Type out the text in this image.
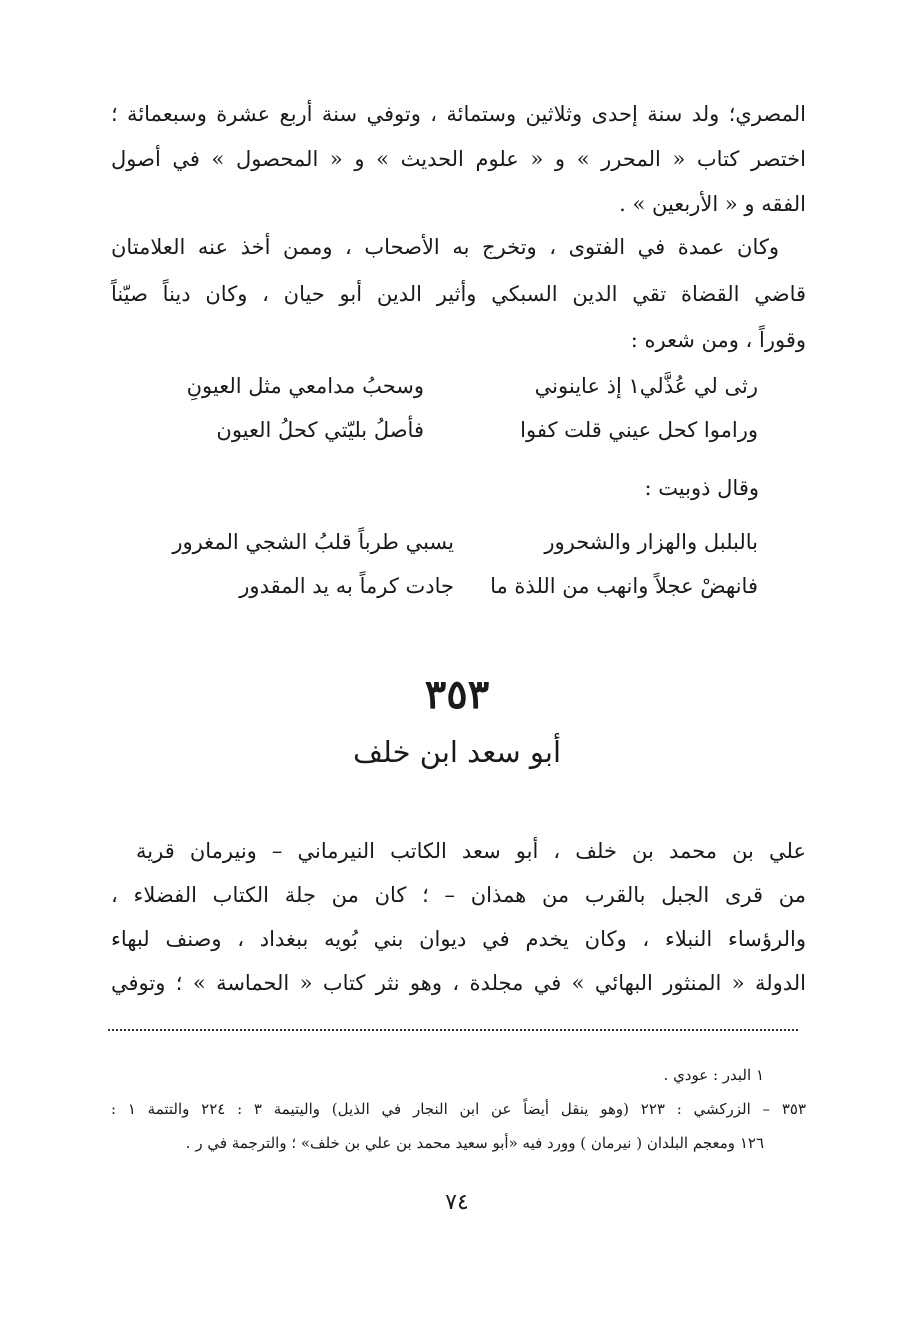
المصري؛ ولد سنة إحدى وثلاثين وستمائة ، وتوفي سنة أربع عشرة وسبعمائة ؛
اختصر كتاب « المحرر » و « علوم الحديث » و « المحصول » في أصول
الفقه و « الأربعين » .
وكان عمدة في الفتوى ، وتخرج به الأصحاب ، وممن أخذ عنه العلامتان
قاضي القضاة تقي الدين السبكي وأثير الدين أبو حيان ، وكان ديناً صيّناً
وقوراً ، ومن شعره :
رثى لي عُذَّلي١ إذ عاينوني
وسحبُ مدامعي مثل العيونِ
وراموا كحل عيني قلت كفوا
فأصلُ بليّتي كحلُ العيون
وقال ذوبيت :
بالبلبل والهزار والشحرور
يسبي طرباً قلبُ الشجي المغرور
فانهضْ عجلاً وانهب من اللذة ما
جادت كرماً به يد المقدور
٣٥٣
أبو سعد ابن خلف
علي بن محمد بن خلف ، أبو سعد الكاتب النيرماني – ونيرمان قرية
من قرى الجبل بالقرب من همذان – ؛ كان من جلة الكتاب الفضلاء ،
والرؤساء النبلاء ، وكان يخدم في ديوان بني بُويه ببغداد ، وصنف لبهاء
الدولة « المنثور البهائي » في مجلدة ، وهو نثر كتاب « الحماسة » ؛ وتوفي
١ البدر : عودي .
٣٥٣ – الزركشي : ٢٢٣ (وهو ينقل أيضاً عن ابن النجار في الذيل) واليتيمة ٣ : ٢٢٤ والتتمة ١ :
١٢٦ ومعجم البلدان ( نيرمان ) وورد فيه «أبو سعيد محمد بن علي بن خلف» ؛ والترجمة في ر .
٧٤
